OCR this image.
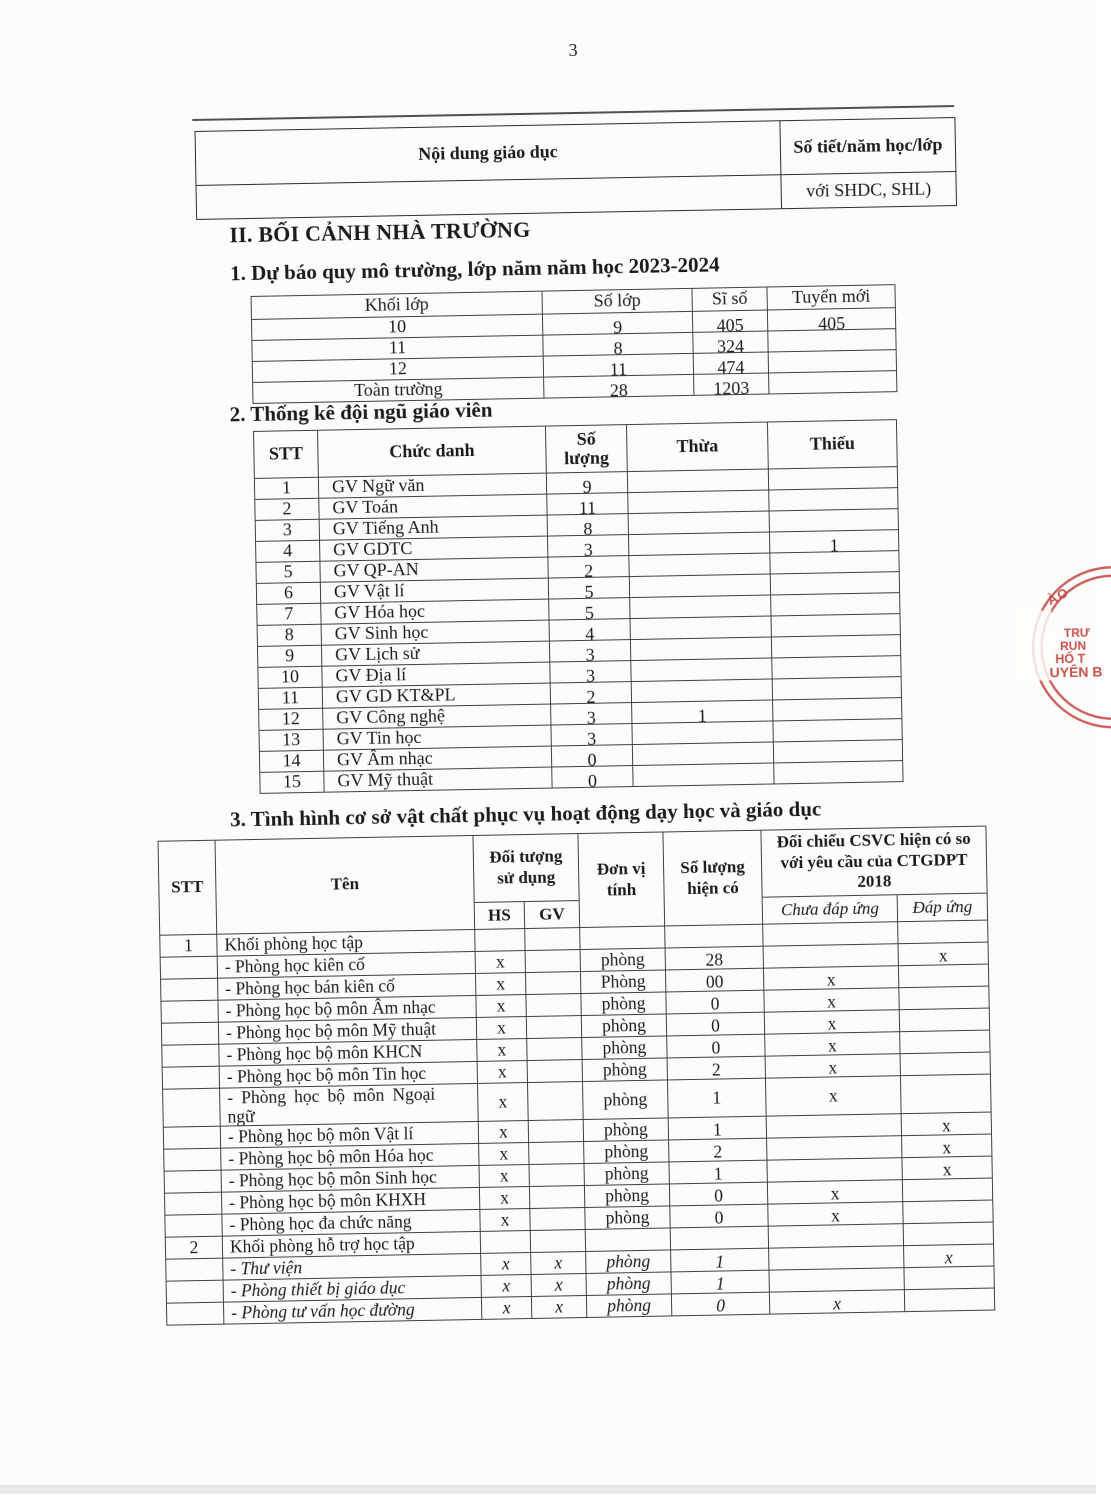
3
Nội dung giáo dục	Số tiết/năm học/lớp
	với SHDC, SHL)
II. BỐI CẢNH NHÀ TRƯỜNG
1. Dự báo quy mô trường, lớp năm năm học 2023-2024
Khối lớp	Số lớp	Sĩ số	Tuyển mới
10	9	405	405
11	8	324	
12	11	474	
Toàn trường	28	1203	
2. Thống kê đội ngũ giáo viên
STT	Chức danh	Số lượng	Thừa	Thiếu
1	GV Ngữ văn	9		
2	GV Toán	11		
3	GV Tiếng Anh	8		
4	GV GDTC	3		1
5	GV QP-AN	2		
6	GV Vật lí	5		
7	GV Hóa học	5		
8	GV Sinh học	4		
9	GV Lịch sử	3		
10	GV Địa lí	3		
11	GV GD KT&PL	2		
12	GV Công nghệ	3	1	
13	GV Tin học	3		
14	GV Âm nhạc	0		
15	GV Mỹ thuật	0		
3. Tình hình cơ sở vật chất phục vụ hoạt động dạy học và giáo dục
STT	Tên	Đối tượng sử dụng		Đơn vị tính	Số lượng hiện có	Đối chiếu CSVC hiện có so với yêu cầu của CTGDPT 2018	
		HS	GV			Chưa đáp ứng	Đáp ứng
1	Khối phòng học tập						
	- Phòng học kiên cố	x		phòng	28		x
	- Phòng học bán kiên cố	x		Phòng	00	x	
	- Phòng học bộ môn Âm nhạc	x		phòng	0	x	
	- Phòng học bộ môn Mỹ thuật	x		phòng	0	x	
	- Phòng học bộ môn KHCN	x		phòng	0	x	
	- Phòng học bộ môn Tin học	x		phòng	2	x	
	- Phòng học bộ môn Ngoại ngữ	x		phòng	1	x	
	- Phòng học bộ môn Vật lí	x		phòng	1		x
	- Phòng học bộ môn Hóa học	x		phòng	2		x
	- Phòng học bộ môn Sinh học	x		phòng	1		x
	- Phòng học bộ môn KHXH	x		phòng	0	x	
	- Phòng học đa chức năng	x		phòng	0	x	
2	Khối phòng hỗ trợ học tập						
	- Thư viện	x	x	phòng	1		x
	- Phòng thiết bị giáo dục	x	x	phòng	1		
	- Phòng tư vấn học đường	x	x	phòng	0	x	
ÀO
TRƯ
RUN
HỐ T
UYÊN B
